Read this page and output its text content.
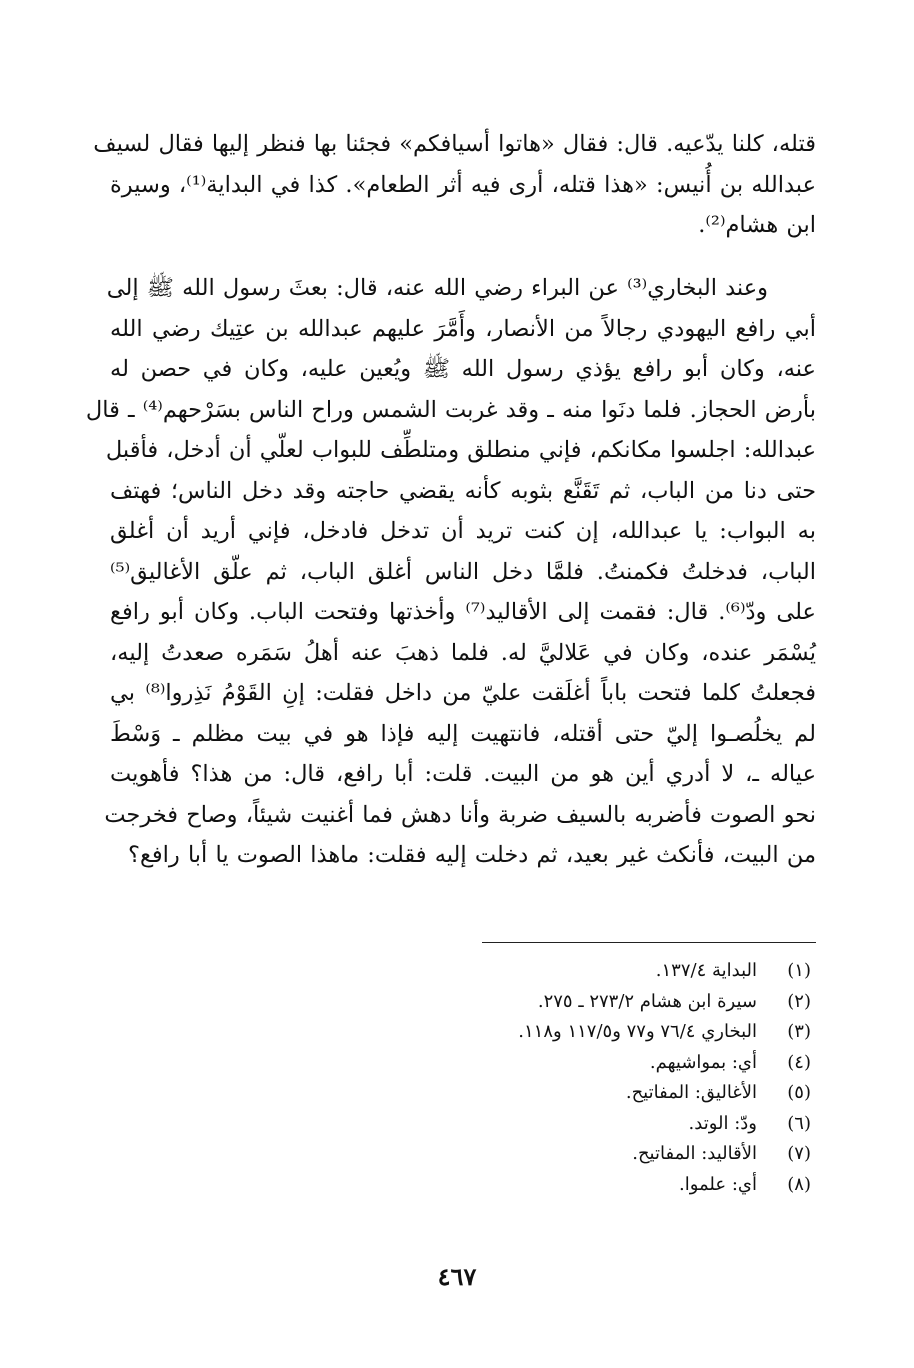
قتله، كلنا يدّعيه. قال: فقال «هاتوا أسيافكم» فجئنا بها فنظر إليها فقال لسيف
عبدالله بن أُنيس: «هذا قتله، أرى فيه أثر الطعام». كذا في البداية⁽¹⁾، وسيرة
ابن هشام⁽²⁾.
وعند البخاري⁽³⁾ عن البراء رضي الله عنه، قال: بعثَ رسول الله ﷺ إلى
أبي رافع اليهودي رجالاً من الأنصار، وأَمَّرَ عليهم عبدالله بن عتِيك رضي الله
عنه، وكان أبو رافع يؤذي رسول الله ﷺ ويُعين عليه، وكان في حصن له
بأرض الحجاز. فلما دنَوا منه ـ وقد غربت الشمس وراح الناس بسَرْحهم⁽⁴⁾ ـ قال
عبدالله: اجلسوا مكانكم، فإني منطلق ومتلطِّف للبواب لعلّي أن أدخل، فأقبل
حتى دنا من الباب، ثم تَقَنَّع بثوبه كأنه يقضي حاجته وقد دخل الناس؛ فهتف
به البواب: يا عبدالله، إن كنت تريد أن تدخل فادخل، فإني أريد أن أغلق
الباب، فدخلتُ فكمنتُ. فلمَّا دخل الناس أغلق الباب، ثم علّق الأغاليق⁽⁵⁾
على ودّ⁽⁶⁾. قال: فقمت إلى الأقاليد⁽⁷⁾ وأخذتها وفتحت الباب. وكان أبو رافع
يُسْمَر عنده، وكان في عَلاليَّ له. فلما ذهبَ عنه أهلُ سَمَره صعدتُ إليه،
فجعلتُ كلما فتحت باباً أغلَقت عليّ من داخل فقلت: إنِ القَوْمُ نَذِروا⁽⁸⁾ بي
لم يخلُصـوا إليّ حتى أقتله، فانتهيت إليه فإذا هو في بيت مظلم ـ وَسْطَ
عياله ـ، لا أدري أين هو من البيت. قلت: أبا رافع، قال: من هذا؟ فأهويت
نحو الصوت فأضربه بالسيف ضربة وأنا دهش فما أغنيت شيئاً، وصاح فخرجت
من البيت، فأنكث غير بعيد، ثم دخلت إليه فقلت: ماهذا الصوت يا أبا رافع؟
(١)
البداية ١٣٧/٤.
(٢)
سيرة ابن هشام ٢٧٣/٢ ـ ٢٧٥.
(٣)
البخاري ٧٦/٤ و٧٧ و١١٧/٥ و١١٨.
(٤)
أي: بمواشيهم.
(٥)
الأغاليق: المفاتيح.
(٦)
ودّ: الوتد.
(٧)
الأقاليد: المفاتيح.
(٨)
أي: علموا.
٤٦٧
